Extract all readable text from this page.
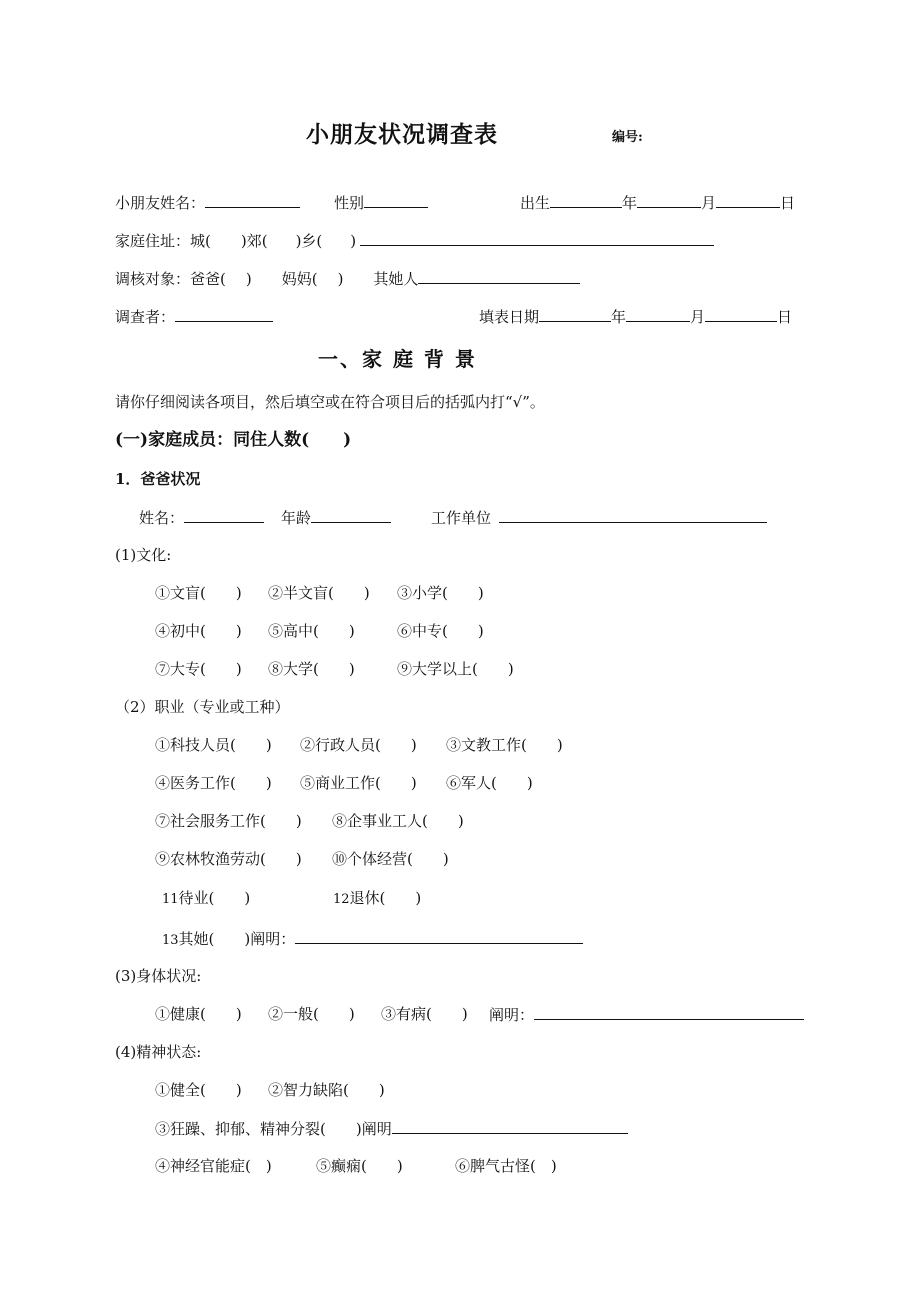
小朋友状况调查表	编号:
小朋友姓名：	性别	出生	年	月	日
家庭住址：城( )郊( )乡( )
调核对象：爸爸( )　　妈妈( )　　其她人
调查者：	填表日期	年	月	日
一、家 庭 背 景
请你仔细阅读各项目，然后填空或在符合项目后的括弧内打“√”。
(一)家庭成员：同住人数(　　)
1．爸爸状况
姓名：	年龄	工作单位
(1)文化:
①文盲(　　) ②半文盲(　　) ③小学(　　)
④初中(　　) ⑤高中(　　)	⑥中专(　　)
⑦大专(　　) ⑧大学(　　)	⑨大学以上(　　)
（2）职业（专业或工种）
①科技人员(　　) ②行政人员(　　) ③文教工作(　　)
④医务工作(　　) ⑤商业工作(　　) ⑥军人(　　)
⑦社会服务工作(　　) ⑧企事业工人(　　)
⑨农林牧渔劳动(　　) ⑩个体经营(　　)
11待业(　　)	12退休(　　)
13其她(　　)阐明：
(3)身体状况:
①健康(　　) ②一般(　　) ③有病(　　) 阐明：
(4)精神状态:
①健全(　　) ②智力缺陷(　　)
③狂躁、抑郁、精神分裂(　　)阐明
④神经官能症(　)	⑤癫痫(　　)	⑥脾气古怪(　)
